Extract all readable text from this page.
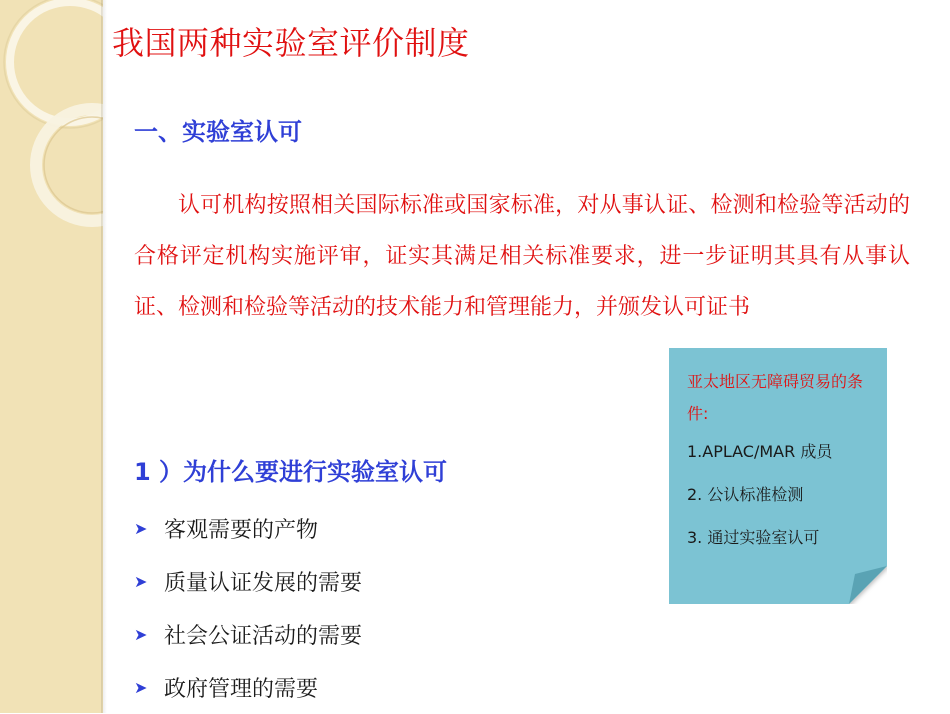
我国两种实验室评价制度
一、实验室认可
认可机构按照相关国际标准或国家标准，对从事认证、检测和检验等活动的合格评定机构实施评审，证实其满足相关标准要求，进一步证明其具有从事认证、检测和检验等活动的技术能力和管理能力，并颁发认可证书
1 ）为什么要进行实验室认可
➤ 客观需要的产物
➤ 质量认证发展的需要
➤ 社会公证活动的需要
➤ 政府管理的需要
亚太地区无障碍贸易的条件:
1.APLAC/MAR 成员
2. 公认标准检测
3. 通过实验室认可
